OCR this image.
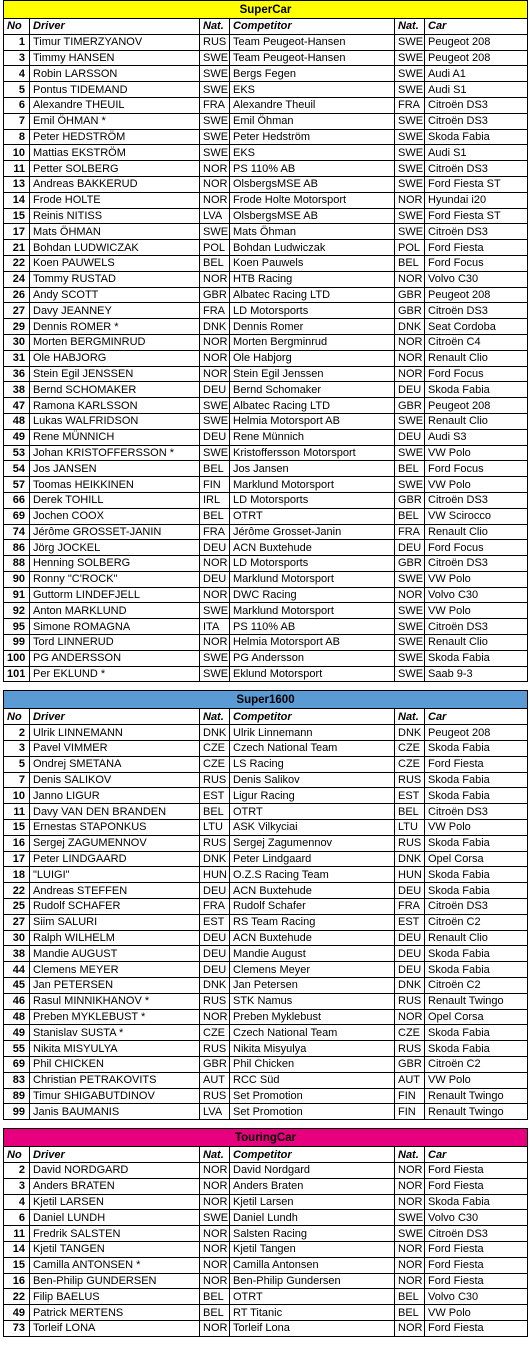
SuperCar					
No	Driver	Nat.	Competitor	Nat.	Car
1	Timur TIMERZYANOV	RUS	Team Peugeot-Hansen	SWE	Peugeot 208
3	Timmy HANSEN	SWE	Team Peugeot-Hansen	SWE	Peugeot 208
4	Robin LARSSON	SWE	Bergs Fegen	SWE	Audi A1
5	Pontus TIDEMAND	SWE	EKS	SWE	Audi S1
6	Alexandre THEUIL	FRA	Alexandre Theuil	FRA	Citroën DS3
7	Emil ÖHMAN *	SWE	Emil Öhman	SWE	Citroën DS3
8	Peter HEDSTRÖM	SWE	Peter Hedström	SWE	Skoda Fabia
10	Mattias EKSTRÖM	SWE	EKS	SWE	Audi S1
11	Petter SOLBERG	NOR	PS 110% AB	SWE	Citroën DS3
13	Andreas BAKKERUD	NOR	OlsbergsMSE AB	SWE	Ford Fiesta ST
14	Frode HOLTE	NOR	Frode Holte Motorsport	NOR	Hyundai i20
15	Reinis NITISS	LVA	OlsbergsMSE AB	SWE	Ford Fiesta ST
17	Mats ÖHMAN	SWE	Mats Öhman	SWE	Citroën DS3
21	Bohdan LUDWICZAK	POL	Bohdan Ludwiczak	POL	Ford Fiesta
22	Koen PAUWELS	BEL	Koen Pauwels	BEL	Ford Focus
24	Tommy RUSTAD	NOR	HTB Racing	NOR	Volvo C30
26	Andy SCOTT	GBR	Albatec Racing LTD	GBR	Peugeot 208
27	Davy JEANNEY	FRA	LD Motorsports	GBR	Citroën DS3
29	Dennis ROMER *	DNK	Dennis Romer	DNK	Seat Cordoba
30	Morten BERGMINRUD	NOR	Morten Bergminrud	NOR	Citroën C4
31	Ole HABJORG	NOR	Ole Habjorg	NOR	Renault Clio
36	Stein Egil JENSSEN	NOR	Stein Egil Jenssen	NOR	Ford Focus
38	Bernd SCHOMAKER	DEU	Bernd Schomaker	DEU	Skoda Fabia
47	Ramona KARLSSON	SWE	Albatec Racing LTD	GBR	Peugeot 208
48	Lukas WALFRIDSON	SWE	Helmia Motorsport AB	SWE	Renault Clio
49	Rene MÜNNICH	DEU	Rene Münnich	DEU	Audi S3
53	Johan KRISTOFFERSSON *	SWE	Kristoffersson Motorsport	SWE	VW Polo
54	Jos JANSEN	BEL	Jos Jansen	BEL	Ford Focus
57	Toomas HEIKKINEN	FIN	Marklund Motorsport	SWE	VW Polo
66	Derek TOHILL	IRL	LD Motorsports	GBR	Citroën DS3
69	Jochen COOX	BEL	OTRT	BEL	VW Scirocco
74	Jérôme GROSSET-JANIN	FRA	Jérôme Grosset-Janin	FRA	Renault Clio
86	Jörg JOCKEL	DEU	ACN Buxtehude	DEU	Ford Focus
88	Henning SOLBERG	NOR	LD Motorsports	GBR	Citroën DS3
90	Ronny "C'ROCK"	DEU	Marklund Motorsport	SWE	VW Polo
91	Guttorm LINDEFJELL	NOR	DWC Racing	NOR	Volvo C30
92	Anton MARKLUND	SWE	Marklund Motorsport	SWE	VW Polo
95	Simone ROMAGNA	ITA	PS 110% AB	SWE	Citroën DS3
99	Tord LINNERUD	NOR	Helmia Motorsport AB	SWE	Renault Clio
100	PG ANDERSSON	SWE	PG Andersson	SWE	Skoda Fabia
101	Per EKLUND *	SWE	Eklund Motorsport	SWE	Saab 9-3
Super1600					
No	Driver	Nat.	Competitor	Nat.	Car
2	Ulrik LINNEMANN	DNK	Ulrik Linnemann	DNK	Peugeot 208
3	Pavel VIMMER	CZE	Czech National Team	CZE	Skoda Fabia
5	Ondrej SMETANA	CZE	LS Racing	CZE	Ford Fiesta
7	Denis SALIKOV	RUS	Denis Salikov	RUS	Skoda Fabia
10	Janno LIGUR	EST	Ligur Racing	EST	Skoda Fabia
11	Davy VAN DEN BRANDEN	BEL	OTRT	BEL	Citroën DS3
15	Ernestas STAPONKUS	LTU	ASK Vilkyciai	LTU	VW Polo
16	Sergej ZAGUMENNOV	RUS	Sergej Zagumennov	RUS	Skoda Fabia
17	Peter LINDGAARD	DNK	Peter Lindgaard	DNK	Opel Corsa
18	"LUIGI"	HUN	O.Z.S Racing Team	HUN	Skoda Fabia
22	Andreas STEFFEN	DEU	ACN Buxtehude	DEU	Skoda Fabia
25	Rudolf SCHAFER	FRA	Rudolf Schafer	FRA	Citroën DS3
27	Siim SALURI	EST	RS Team Racing	EST	Citroën C2
30	Ralph WILHELM	DEU	ACN Buxtehude	DEU	Renault Clio
38	Mandie AUGUST	DEU	Mandie August	DEU	Skoda Fabia
44	Clemens MEYER	DEU	Clemens Meyer	DEU	Skoda Fabia
45	Jan PETERSEN	DNK	Jan Petersen	DNK	Citroën C2
46	Rasul MINNIKHANOV *	RUS	STK Namus	RUS	Renault Twingo
48	Preben MYKLEBUST *	NOR	Preben Myklebust	NOR	Opel Corsa
49	Stanislav SUSTA *	CZE	Czech National Team	CZE	Skoda Fabia
55	Nikita MISYULYA	RUS	Nikita Misyulya	RUS	Skoda Fabia
69	Phil CHICKEN	GBR	Phil Chicken	GBR	Citroën C2
83	Christian PETRAKOVITS	AUT	RCC Süd	AUT	VW Polo
89	Timur SHIGABUTDINOV	RUS	Set Promotion	FIN	Renault Twingo
99	Janis BAUMANIS	LVA	Set Promotion	FIN	Renault Twingo
TouringCar					
No	Driver	Nat.	Competitor	Nat.	Car
2	David NORDGARD	NOR	David Nordgard	NOR	Ford Fiesta
3	Anders BRATEN	NOR	Anders Braten	NOR	Ford Fiesta
4	Kjetil LARSEN	NOR	Kjetil Larsen	NOR	Skoda Fabia
6	Daniel LUNDH	SWE	Daniel Lundh	SWE	Volvo C30
11	Fredrik SALSTEN	NOR	Salsten Racing	SWE	Citroën DS3
14	Kjetil TANGEN	NOR	Kjetil Tangen	NOR	Ford Fiesta
15	Camilla ANTONSEN *	NOR	Camilla Antonsen	NOR	Ford Fiesta
16	Ben-Philip GUNDERSEN	NOR	Ben-Philip Gundersen	NOR	Ford Fiesta
22	Filip BAELUS	BEL	OTRT	BEL	Volvo C30
49	Patrick MERTENS	BEL	RT Titanic	BEL	VW Polo
73	Torleif LONA	NOR	Torleif Lona	NOR	Ford Fiesta
